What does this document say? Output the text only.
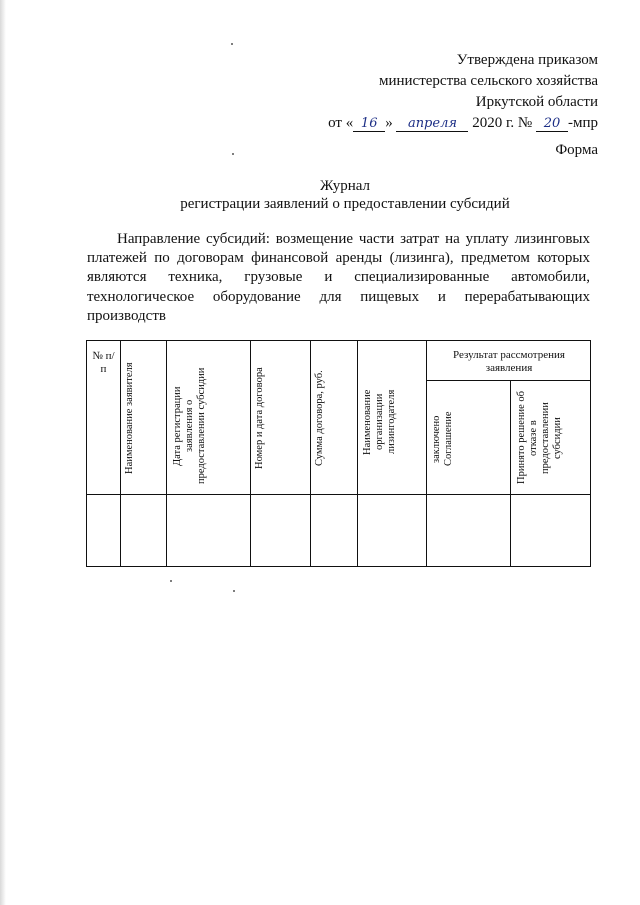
Утверждена приказом
министерства сельского хозяйства
Иркутской области
от « 16 » апреля 2020 г. № 20 -мпр
Форма
Журнал
регистрации заявлений о предоставлении субсидий
Направление субсидий: возмещение части затрат на уплату лизинговых платежей по договорам финансовой аренды (лизинга), предметом которых являются техника, грузовые и специализированные автомобили, технологическое оборудование для пищевых и перерабатывающих производств
№ п/п	Наименование заявителя	Дата регистрации заявления о предоставлении субсидии	Номер и дата договора	Сумма договора, руб.	Наименование организации лизингодателя
Результат рассмотрения заявления
заключено Соглашение	Принято решение об отказе в предоставлении субсидии
